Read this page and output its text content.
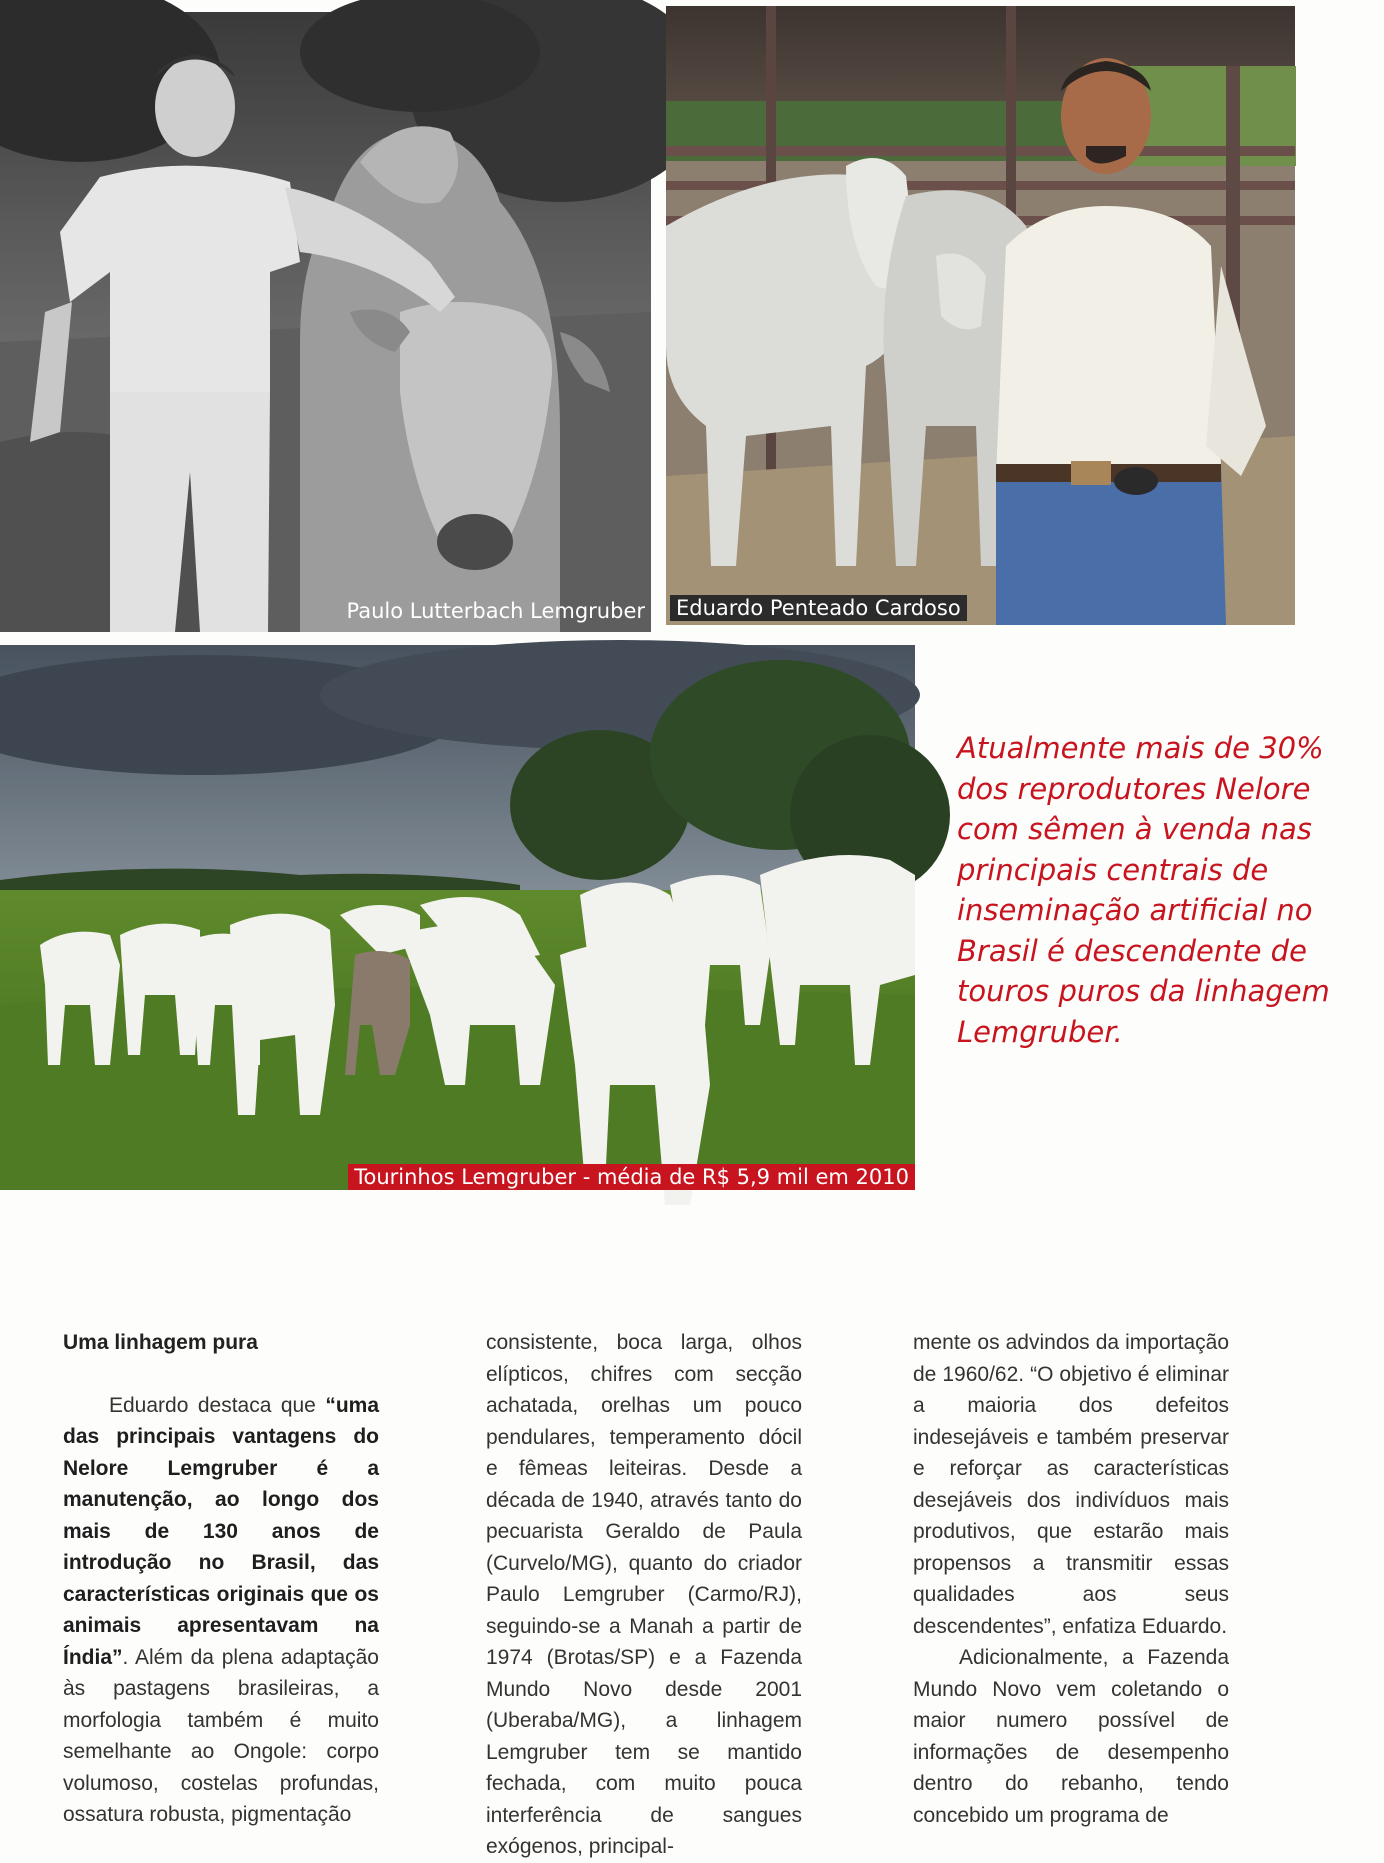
Paulo Lutterbach Lemgruber Eduardo Penteado Cardoso
Tourinhos Lemgruber - média de R$ 5,9 mil em 2010
Atualmente mais de 30% dos reprodutores Nelore com sêmen à venda nas principais centrais de inseminação artificial no Brasil é descendente de touros puros da linhagem Lemgruber.

Uma linhagem pura

Eduardo destaca que “uma das principais vantagens do Nelore Lemgruber é a manutenção, ao longo dos mais de 130 anos de introdução no Brasil, das características originais que os animais apresentavam na Índia”. Além da plena adaptação às pastagens brasileiras, a morfologia também é muito semelhante ao Ongole: corpo volumoso, costelas profundas, ossatura robusta, pigmentação

consistente, boca larga, olhos elípticos, chifres com secção achatada, orelhas um pouco pendulares, temperamento dócil e fêmeas leiteiras. Desde a década de 1940, através tanto do pecuarista Geraldo de Paula (Curvelo/MG), quanto do criador Paulo Lemgruber (Carmo/RJ), seguindo-se a Manah a partir de 1974 (Brotas/SP) e a Fazenda Mundo Novo desde 2001 (Uberaba/MG), a linhagem Lemgruber tem se mantido fechada, com muito pouca interferência de sangues exógenos, principal-

mente os advindos da importação de 1960/62. “O objetivo é eliminar a maioria dos defeitos indesejáveis e também preservar e reforçar as características desejáveis dos indivíduos mais produtivos, que estarão mais propensos a transmitir essas qualidades aos seus descendentes”, enfatiza Eduardo.

Adicionalmente, a Fazenda Mundo Novo vem coletando o maior numero possível de informações de desempenho dentro do rebanho, tendo concebido um programa de
